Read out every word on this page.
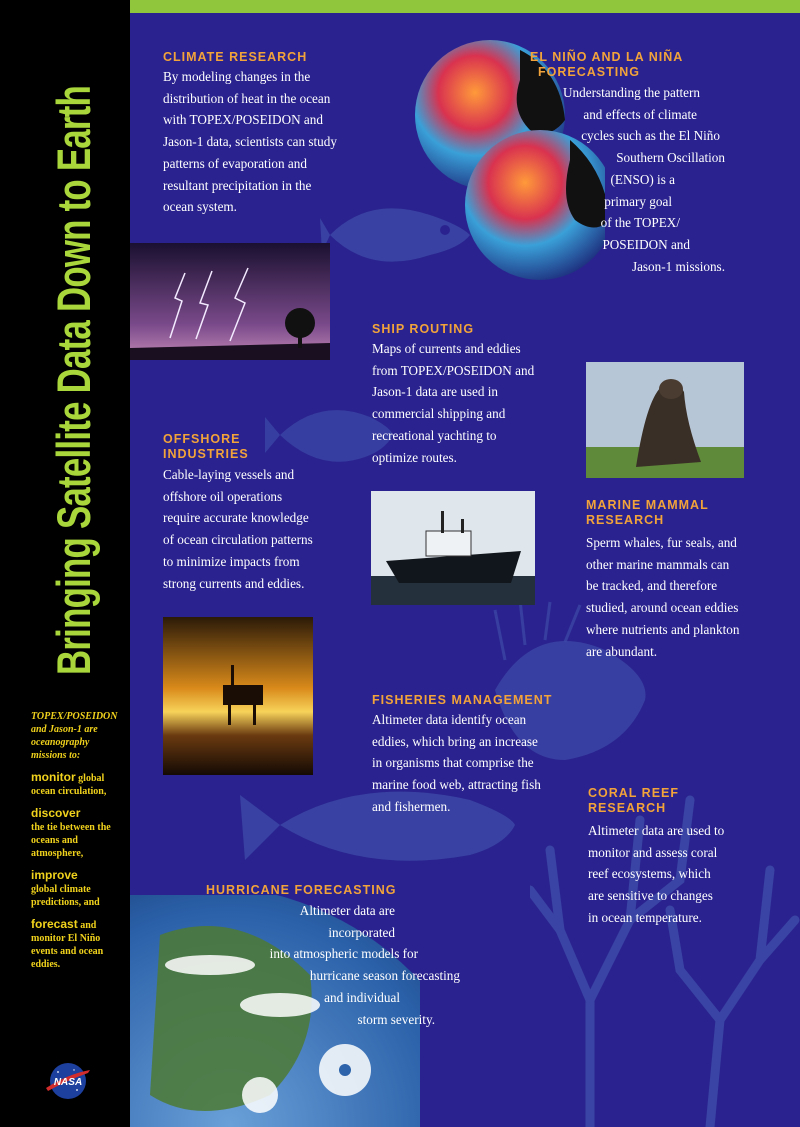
Bringing Satellite Data Down to Earth
TOPEX/POSEIDON and Jason-1 are oceanography missions to:
monitor global ocean circulation,
discover
the tie between the oceans and atmosphere,
improve
global climate predictions, and
forecast and monitor El Niño events and ocean eddies.
NASA
CLIMATE RESEARCH
By modeling changes in the
distribution of heat in the ocean
with TOPEX/POSEIDON and
Jason-1 data, scientists can study
patterns of evaporation and
resultant precipitation in the
ocean system.
EL NIÑO AND LA NIÑA
FORECASTING
Understanding the pattern
and effects of climate
cycles such as the El Niño
Southern Oscillation
(ENSO) is a
primary goal
of the TOPEX/
POSEIDON and
Jason-1 missions.
SHIP ROUTING
Maps of currents and eddies
from TOPEX/POSEIDON and
Jason-1 data are used in
commercial shipping and
recreational yachting to
optimize routes.
OFFSHORE
INDUSTRIES
Cable-laying vessels and
offshore oil operations
require accurate knowledge
of ocean circulation patterns
to minimize impacts from
strong currents and eddies.
MARINE MAMMAL
RESEARCH
Sperm whales, fur seals, and
other marine mammals can
be tracked, and therefore
studied, around ocean eddies
where nutrients and plankton
are abundant.
FISHERIES MANAGEMENT
Altimeter data identify ocean
eddies, which bring an increase
in organisms that comprise the
marine food web, attracting fish
and fishermen.
CORAL REEF
RESEARCH
Altimeter data are used to
monitor and assess coral
reef ecosystems, which
are sensitive to changes
in ocean temperature.
HURRICANE FORECASTING
Altimeter data are incorporated
into atmospheric models for
hurricane season forecasting
and individual
storm severity.
